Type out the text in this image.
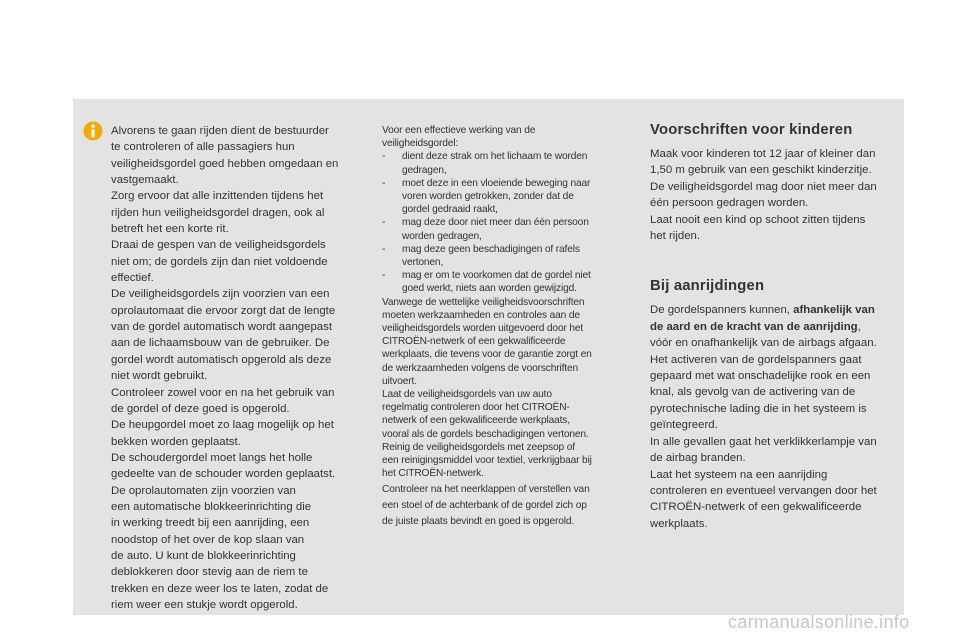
Alvorens te gaan rijden dient de bestuurder
te controleren of alle passagiers hun
veiligheidsgordel goed hebben omgedaan en
vastgemaakt.
Zorg ervoor dat alle inzittenden tijdens het
rijden hun veiligheidsgordel dragen, ook al
betreft het een korte rit.
Draai de gespen van de veiligheidsgordels
niet om; de gordels zijn dan niet voldoende
effectief.
De veiligheidsgordels zijn voorzien van een
oprolautomaat die ervoor zorgt dat de lengte
van de gordel automatisch wordt aangepast
aan de lichaamsbouw van de gebruiker. De
gordel wordt automatisch opgerold als deze
niet wordt gebruikt.
Controleer zowel voor en na het gebruik van
de gordel of deze goed is opgerold.
De heupgordel moet zo laag mogelijk op het
bekken worden geplaatst.
De schoudergordel moet langs het holle
gedeelte van de schouder worden geplaatst.
De oprolautomaten zijn voorzien van
een automatische blokkeerinrichting die
in werking treedt bij een aanrijding, een
noodstop of het over de kop slaan van
de auto. U kunt de blokkeerinrichting
deblokkeren door stevig aan de riem te
trekken en deze weer los te laten, zodat de
riem weer een stukje wordt opgerold.
Voor een effectieve werking van de
veiligheidsgordel:
-	dient deze strak om het lichaam te worden
gedragen,
-	moet deze in een vloeiende beweging naar
voren worden getrokken, zonder dat de
gordel gedraaid raakt,
-	mag deze door niet meer dan één persoon
worden gedragen,
-	mag deze geen beschadigingen of rafels
vertonen,
-	mag er om te voorkomen dat de gordel niet
goed werkt, niets aan worden gewijzigd.
Vanwege de wettelijke veiligheidsvoorschriften
moeten werkzaamheden en controles aan de
veiligheidsgordels worden uitgevoerd door het
CITROËN-netwerk of een gekwalificeerde
werkplaats, die tevens voor de garantie zorgt en
de werkzaamheden volgens de voorschriften
uitvoert.
Laat de veiligheidsgordels van uw auto
regelmatig controleren door het CITROËN-
netwerk of een gekwalificeerde werkplaats,
vooral als de gordels beschadigingen vertonen.
Reinig de veiligheidsgordels met zeepsop of
een reinigingsmiddel voor textiel, verkrijgbaar bij
het CITROËN-netwerk.
Controleer na het neerklappen of verstellen van
een stoel of de achterbank of de gordel zich op
de juiste plaats bevindt en goed is opgerold.
Voorschriften voor kinderen
Maak voor kinderen tot 12 jaar of kleiner dan
1,50 m gebruik van een geschikt kinderzitje.
De veiligheidsgordel mag door niet meer dan
één persoon gedragen worden.
Laat nooit een kind op schoot zitten tijdens
het rijden.
Bij aanrijdingen
De gordelspanners kunnen, afhankelijk van
de aard en de kracht van de aanrijding,
vóór en onafhankelijk van de airbags afgaan.
Het activeren van de gordelspanners gaat
gepaard met wat onschadelijke rook en een
knal, als gevolg van de activering van de
pyrotechnische lading die in het systeem is
geïntegreerd.
In alle gevallen gaat het verklikkerlampje van
de airbag branden.
Laat het systeem na een aanrijding
controleren en eventueel vervangen door het
CITROËN-netwerk of een gekwalificeerde
werkplaats.
carmanualsonline.info
